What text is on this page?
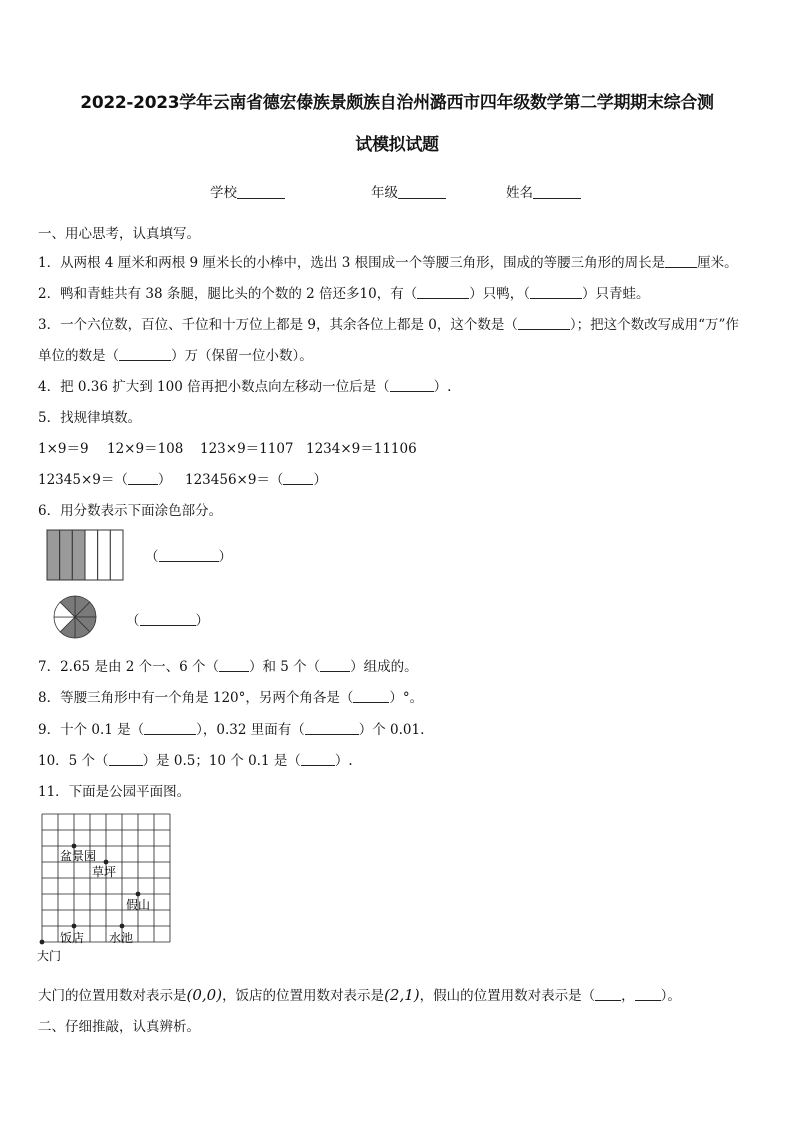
2022-2023学年云南省德宏傣族景颇族自治州潞西市四年级数学第二学期期末综合测
试模拟试题
学校	年级	姓名
一、用心思考，认真填写。
1．从两根 4 厘米和两根 9 厘米长的小棒中，选出 3 根围成一个等腰三角形，围成的等腰三角形的周长是 厘米。
2．鸭和青蛙共有 38 条腿，腿比头的个数的 2 倍还多10，有（	）只鸭，（	）只青蛙。
3．一个六位数，百位、千位和十万位上都是 9，其余各位上都是 0，这个数是（	）；把这个数改写成用“万”作
单位的数是（	）万（保留一位小数）。
4．把 0.36 扩大到 100 倍再把小数点向左移动一位后是（	）.
5．找规律填数。
1×9＝9 12×9＝108 123×9＝1107 1234×9＝11106
12345×9＝（ ） 123456×9＝（ ）
6．用分数表示下面涂色部分。
（	）
（	）
7．2.65 是由 2 个一、6 个（ ）和 5 个（ ）组成的。
8．等腰三角形中有一个角是 120°，另两个角各是（	）°。
9．十个 0.1 是（	），0.32 里面有（	）个 0.01.
10．5 个（	）是 0.5；10 个 0.1 是（	）.
11．下面是公园平面图。
盆景园
草坪
假山
饭店 水池
大门
大门的位置用数对表示是(0,0)，饭店的位置用数对表示是(2,1)，假山的位置用数对表示是（ ， ）。
二、仔细推敲，认真辨析。
